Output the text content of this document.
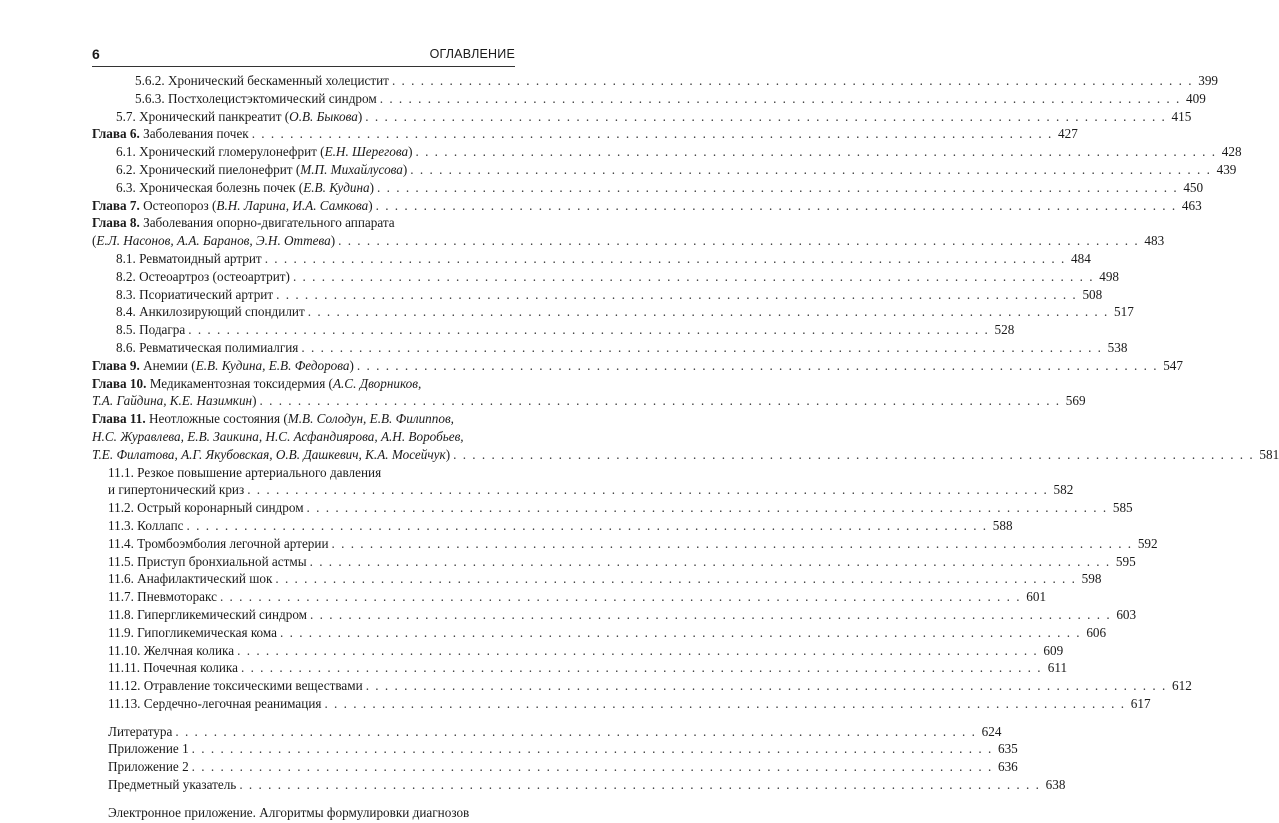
6	ОГЛАВЛЕНИЕ
5.6.2. Хронический бескаменный холецистит . . .	399
5.6.3. Постхолецистэктомический синдром . . .	409
5.7. Хронический панкреатит (О.В. Быкова) . . .	415
Глава 6. Заболевания почек . . .	427
6.1. Хронический гломерулонефрит (Е.Н. Шерегова) . . .	428
6.2. Хронический пиелонефрит (М.П. Михайлусова) . . .	439
6.3. Хроническая болезнь почек (Е.В. Кудина) . . .	450
Глава 7. Остеопороз (В.Н. Ларина, И.А. Самкова) . . .	463
Глава 8. Заболевания опорно-двигательного аппарата
(Е.Л. Насонов, А.А. Баранов, Э.Н. Оттева) . . .	483
8.1. Ревматоидный артрит . . .	484
8.2. Остеоартроз (остеоартрит) . . .	498
8.3. Псориатический артрит . . .	508
8.4. Анкилозирующий спондилит . . .	517
8.5. Подагра . . .	528
8.6. Ревматическая полимиалгия . . .	538
Глава 9. Анемии (Е.В. Кудина, Е.В. Федорова) . . .	547
Глава 10. Медикаментозная токсидермия (А.С. Дворников,
Т.А. Гайдина, К.Е. Назимкин) . . .	569
Глава 11. Неотложные состояния (М.В. Солодун, Е.В. Филиппов,
Н.С. Журавлева, Е.В. Заикина, Н.С. Асфандиярова, А.Н. Воробьев,
Т.Е. Филатова, А.Г. Якубовская, О.В. Дашкевич, К.А. Мосейчук) . . .	581
11.1. Резкое повышение артериального давления
и гипертонический криз . . .	582
11.2. Острый коронарный синдром . . .	585
11.3. Коллапс . . .	588
11.4. Тромбоэмболия легочной артерии . . .	592
11.5. Приступ бронхиальной астмы . . .	595
11.6. Анафилактический шок . . .	598
11.7. Пневмоторакс . . .	601
11.8. Гипергликемический синдром . . .	603
11.9. Гипогликемическая кома . . .	606
11.10. Желчная колика . . .	609
11.11. Почечная колика . . .	611
11.12. Отравление токсическими веществами . . .	612
11.13. Сердечно-легочная реанимация . . .	617
Литература . . .	624
Приложение 1 . . .	635
Приложение 2 . . .	636
Предметный указатель . . .	638
Электронное приложение. Алгоритмы формулировки диагнозов
